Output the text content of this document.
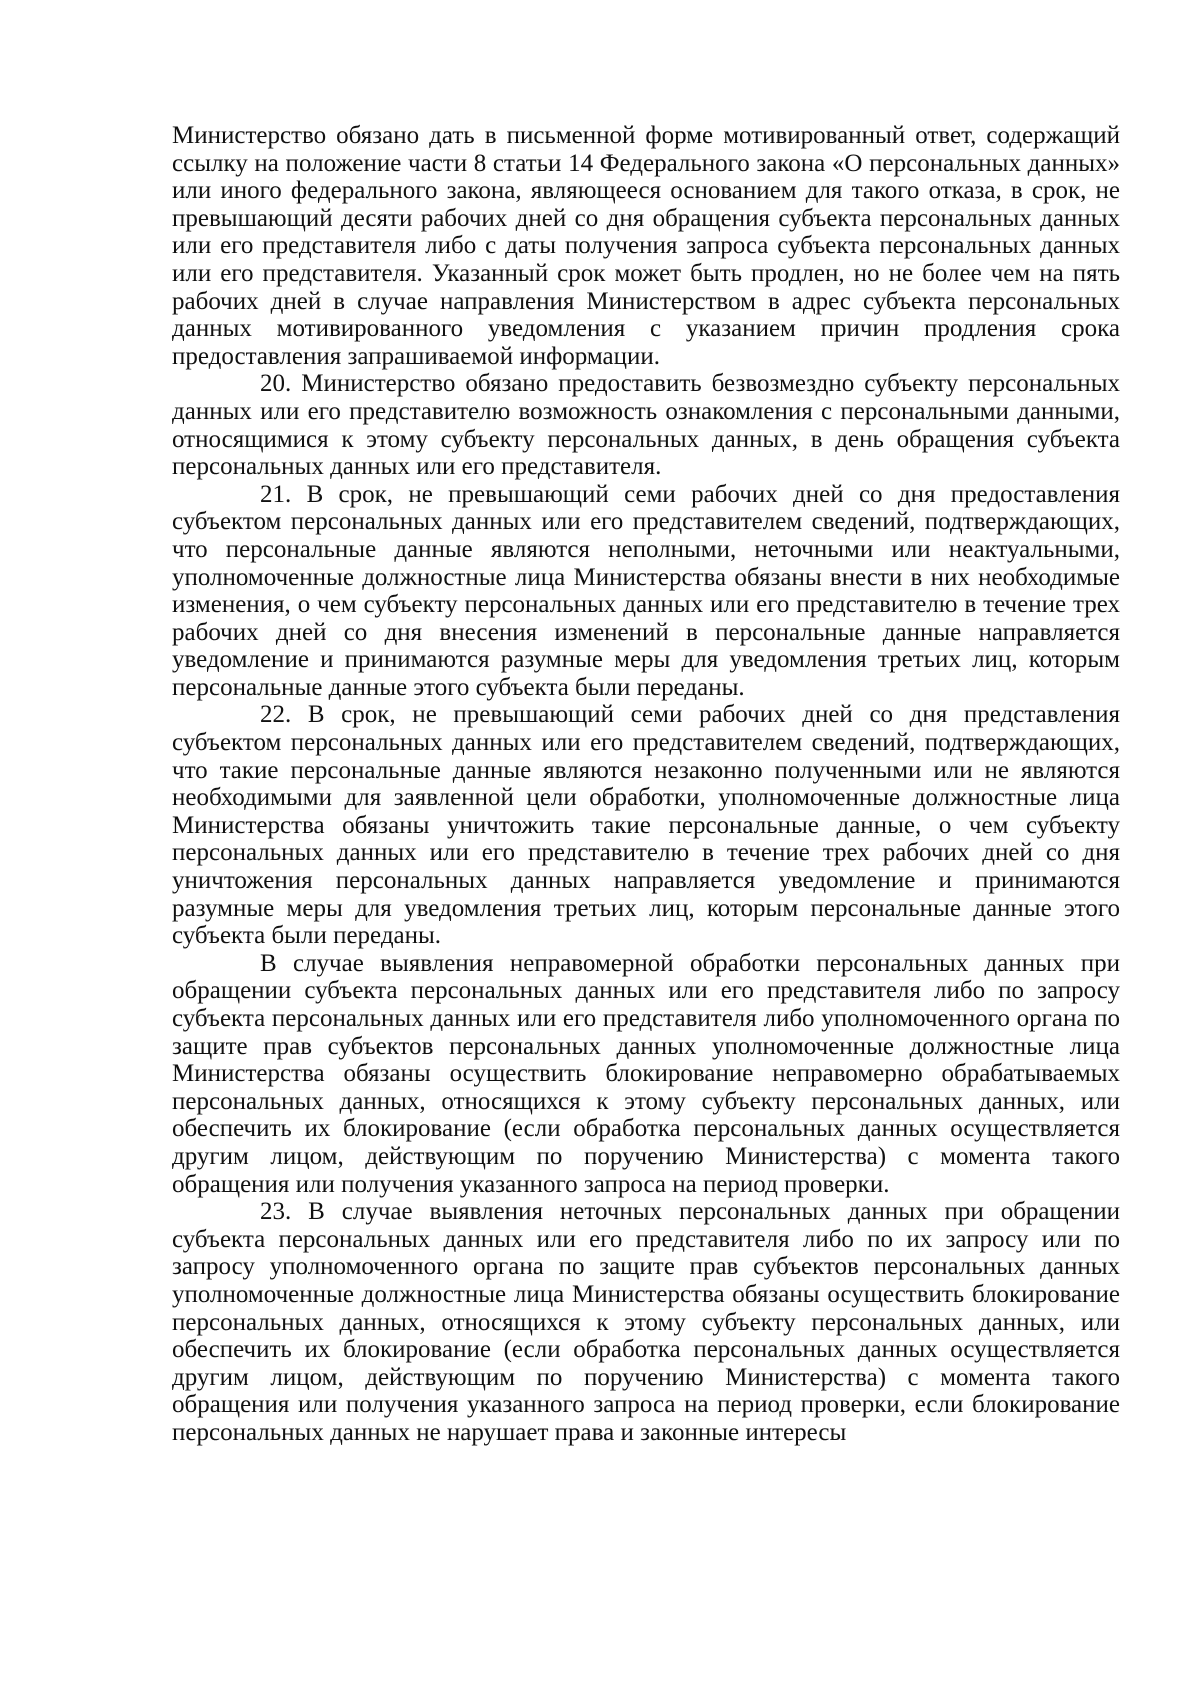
Министерство обязано дать в письменной форме мотивированный ответ, содержащий ссылку на положение части 8 статьи 14 Федерального закона «О персональных данных» или иного федерального закона, являющееся основанием для такого отказа, в срок, не превышающий десяти рабочих дней со дня обращения субъекта персональных данных или его представителя либо с даты получения запроса субъекта персональных данных или его представителя. Указанный срок может быть продлен, но не более чем на пять рабочих дней в случае направления Министерством в адрес субъекта персональных данных мотивированного уведомления с указанием причин продления срока предоставления запрашиваемой информации.

20. Министерство обязано предоставить безвозмездно субъекту персональных данных или его представителю возможность ознакомления с персональными данными, относящимися к этому субъекту персональных данных, в день обращения субъекта персональных данных или его представителя.

21. В срок, не превышающий семи рабочих дней со дня предоставления субъектом персональных данных или его представителем сведений, подтверждающих, что персональные данные являются неполными, неточными или неактуальными, уполномоченные должностные лица Министерства обязаны внести в них необходимые изменения, о чем субъекту персональных данных или его представителю в течение трех рабочих дней со дня внесения изменений в персональные данные направляется уведомление и принимаются разумные меры для уведомления третьих лиц, которым персональные данные этого субъекта были переданы.

22. В срок, не превышающий семи рабочих дней со дня представления субъектом персональных данных или его представителем сведений, подтверждающих, что такие персональные данные являются незаконно полученными или не являются необходимыми для заявленной цели обработки, уполномоченные должностные лица Министерства обязаны уничтожить такие персональные данные, о чем субъекту персональных данных или его представителю в течение трех рабочих дней со дня уничтожения персональных данных направляется уведомление и принимаются разумные меры для уведомления третьих лиц, которым персональные данные этого субъекта были переданы.

В случае выявления неправомерной обработки персональных данных при обращении субъекта персональных данных или его представителя либо по запросу субъекта персональных данных или его представителя либо уполномоченного органа по защите прав субъектов персональных данных уполномоченные должностные лица Министерства обязаны осуществить блокирование неправомерно обрабатываемых персональных данных, относящихся к этому субъекту персональных данных, или обеспечить их блокирование (если обработка персональных данных осуществляется другим лицом, действующим по поручению Министерства) с момента такого обращения или получения указанного запроса на период проверки.

23. В случае выявления неточных персональных данных при обращении субъекта персональных данных или его представителя либо по их запросу или по запросу уполномоченного органа по защите прав субъектов персональных данных уполномоченные должностные лица Министерства обязаны осуществить блокирование персональных данных, относящихся к этому субъекту персональных данных, или обеспечить их блокирование (если обработка персональных данных осуществляется другим лицом, действующим по поручению Министерства) с момента такого обращения или получения указанного запроса на период проверки, если блокирование персональных данных не нарушает права и законные интересы
